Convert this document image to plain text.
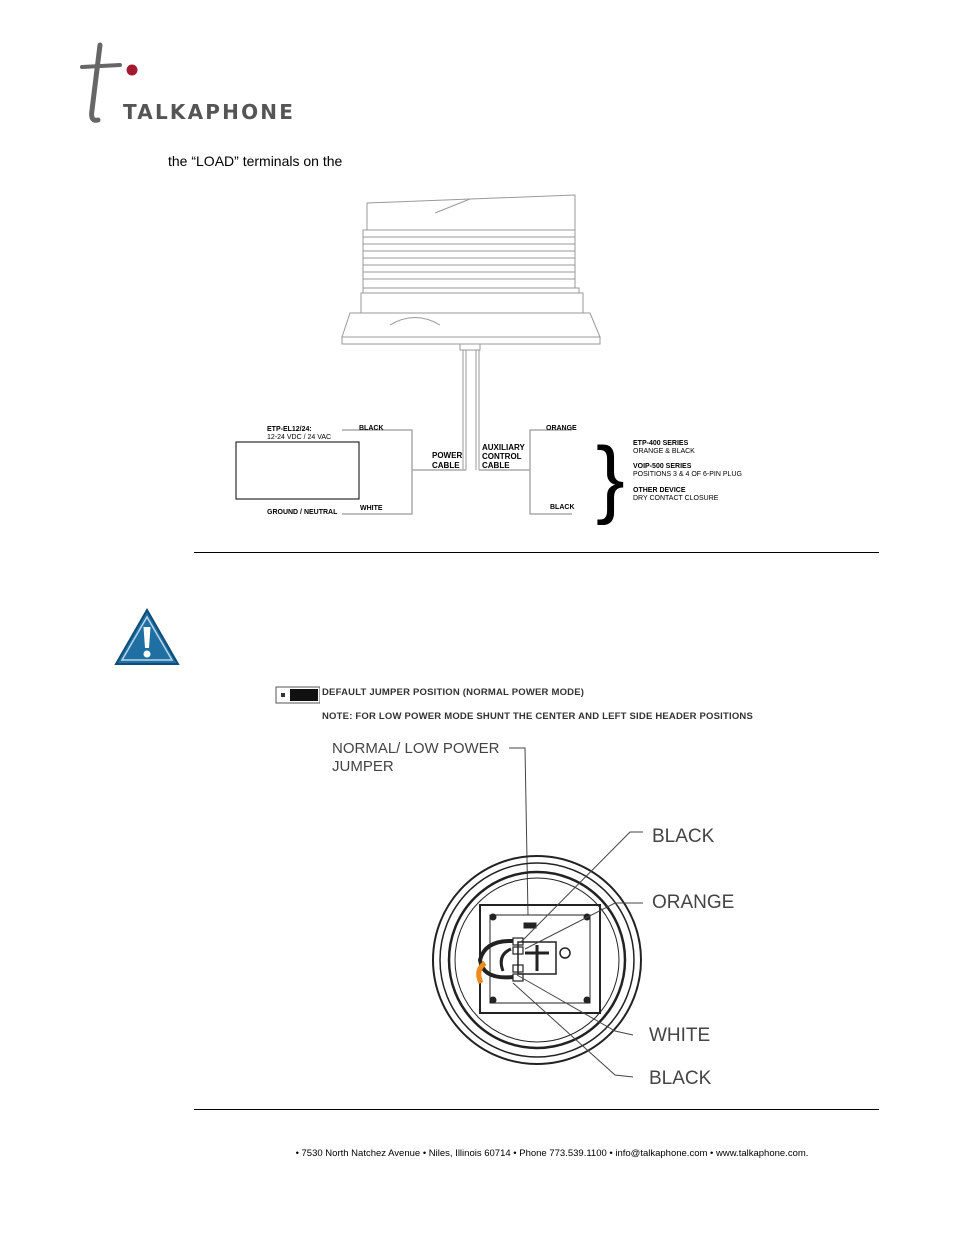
TALKAPHONE
the “LOAD” terminals on the
ETP-EL12/24:
12-24 VDC / 24 VAC
GROUND / NEUTRAL
BLACK
WHITE
POWER
CABLE
AUXILIARY
CONTROL
CABLE
ORANGE
BLACK } ETP-400 SERIES
ORANGE & BLACK
VOIP-500 SERIES
POSITIONS 3 & 4 OF 6-PIN PLUG
OTHER DEVICE
DRY CONTACT CLOSURE
DEFAULT JUMPER POSITION (NORMAL POWER MODE)
NOTE: FOR LOW POWER MODE SHUNT THE CENTER AND LEFT SIDE HEADER POSITIONS
NORMAL/ LOW POWER
JUMPER
BLACK
ORANGE
WHITE
BLACK
• 7530 North Natchez Avenue • Niles, Illinois 60714 • Phone 773.539.1100 • info@talkaphone.com • www.talkaphone.com.
